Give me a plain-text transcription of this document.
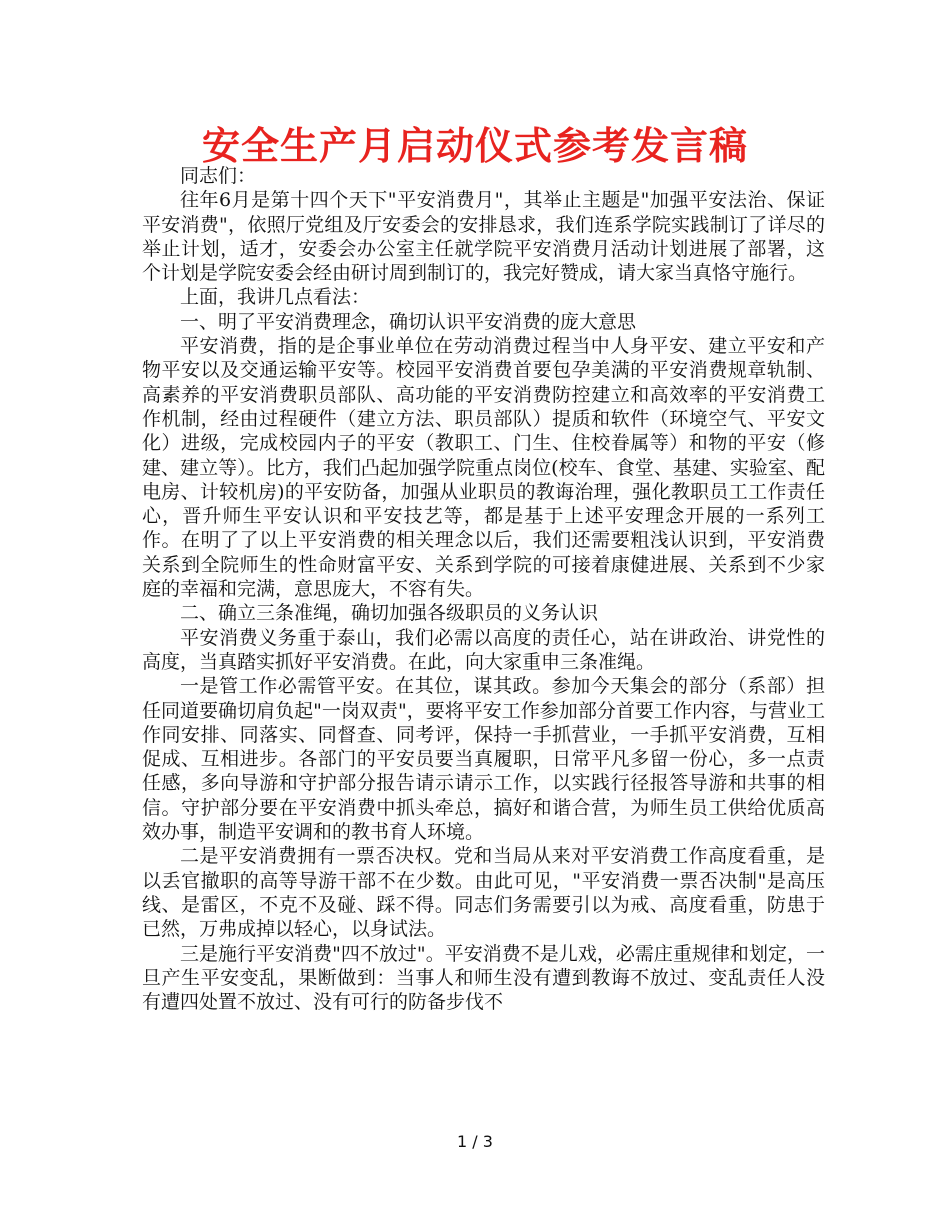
安全生产月启动仪式参考发言稿

同志们：

往年6月是第十四个天下"平安消费月"，其举止主题是"加强平安法治、保证平安消费"，依照厅党组及厅安委会的安排恳求，我们连系学院实践制订了详尽的举止计划，适才，安委会办公室主任就学院平安消费月活动计划进展了部署，这个计划是学院安委会经由研讨周到制订的，我完好赞成，请大家当真恪守施行。

上面，我讲几点看法：

一、明了平安消费理念，确切认识平安消费的庞大意思

平安消费，指的是企事业单位在劳动消费过程当中人身平安、建立平安和产物平安以及交通运输平安等。校园平安消费首要包孕美满的平安消费规章轨制、高素养的平安消费职员部队、高功能的平安消费防控建立和高效率的平安消费工作机制，经由过程硬件（建立方法、职员部队）提质和软件（环境空气、平安文化）进级，完成校园内子的平安（教职工、门生、住校眷属等）和物的平安（修建、建立等）。比方，我们凸起加强学院重点岗位(校车、食堂、基建、实验室、配电房、计较机房)的平安防备，加强从业职员的教诲治理，强化教职员工工作责任心，晋升师生平安认识和平安技艺等，都是基于上述平安理念开展的一系列工作。在明了了以上平安消费的相关理念以后，我们还需要粗浅认识到，平安消费关系到全院师生的性命财富平安、关系到学院的可接着康健进展、关系到不少家庭的幸福和完满，意思庞大，不容有失。

二、确立三条准绳，确切加强各级职员的义务认识

平安消费义务重于泰山，我们必需以高度的责任心，站在讲政治、讲党性的高度，当真踏实抓好平安消费。在此，向大家重申三条准绳。

一是管工作必需管平安。在其位，谋其政。参加今天集会的部分（系部）担任同道要确切肩负起"一岗双责"，要将平安工作参加部分首要工作内容，与营业工作同安排、同落实、同督查、同考评，保持一手抓营业，一手抓平安消费，互相促成、互相进步。各部门的平安员要当真履职，日常平凡多留一份心，多一点责任感，多向导游和守护部分报告请示请示工作，以实践行径报答导游和共事的相信。守护部分要在平安消费中抓头牵总，搞好和谐合营，为师生员工供给优质高效办事，制造平安调和的教书育人环境。

二是平安消费拥有一票否决权。党和当局从来对平安消费工作高度看重，是以丢官撤职的高等导游干部不在少数。由此可见，"平安消费一票否决制"是高压线、是雷区，不克不及碰、踩不得。同志们务需要引以为戒、高度看重，防患于已然，万弗成掉以轻心，以身试法。

三是施行平安消费"四不放过"。平安消费不是儿戏，必需庄重规律和划定，一旦产生平安变乱，果断做到：当事人和师生没有遭到教诲不放过、变乱责任人没有遭四处置不放过、没有可行的防备步伐不

1 / 3
